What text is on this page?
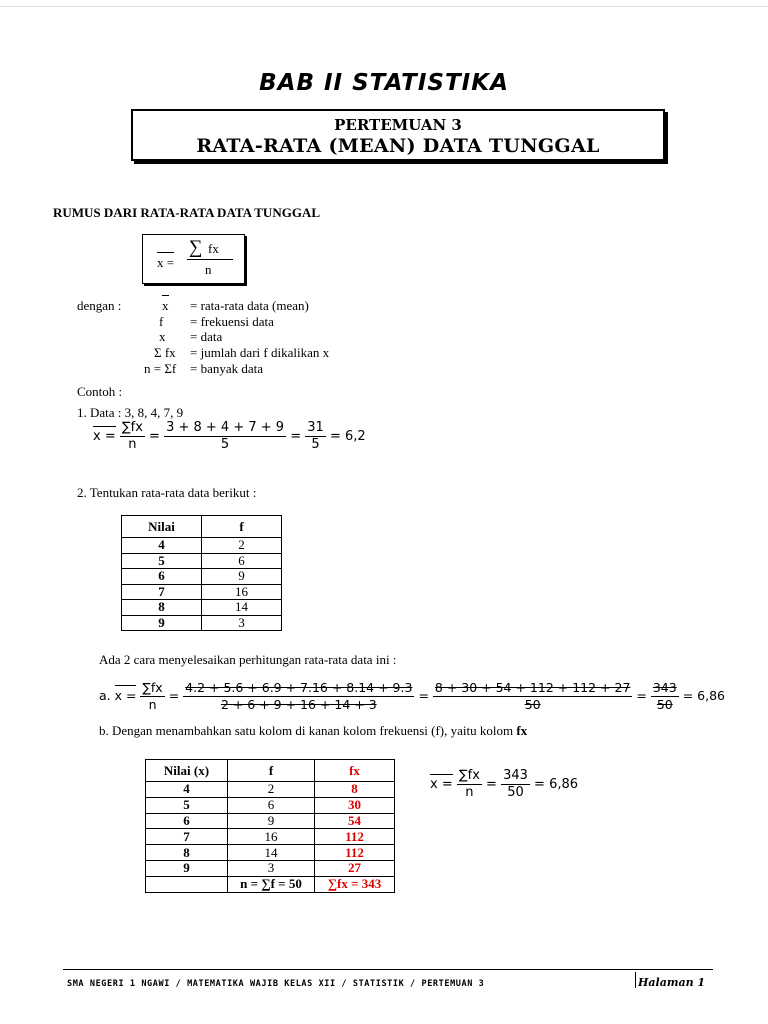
BAB II STATISTIKA
PERTEMUAN 3
RATA-RATA (MEAN) DATA TUNGGAL
RUMUS DARI RATA-RATA DATA TUNGGAL
x =
∑ fx
n
dengan :	x = rata-rata data (mean)
f = frekuensi data
x = data
Σ fx = jumlah dari f dikalikan x
n = Σf = banyak data
Contoh :
1. Data : 3, 8, 4, 7, 9
$x = \frac{\sum fx}{n} = \frac{3 + 8 + 4 + 7 + 9}{5} = \frac{31}{5} = 6,2$
2. Tentukan rata-rata data berikut :
Nilai	f
4	2
5	6
6	9
7	16
8	14
9	3
Ada 2 cara menyelesaikan perhitungan rata-rata data ini :
a. $x = \frac{\sum fx}{n} = \frac{4.2 + 5.6 + 6.9 + 7.16 + 8.14 + 9.3}{2 + 6 + 9 + 16 + 14 + 3} = \frac{8 + 30 + 54 + 112 + 112 + 27}{50} = \frac{343}{50} = 6,86$
b. Dengan menambahkan satu kolom di kanan kolom frekuensi (f), yaitu kolom fx
Nilai (x)	f	fx
4	2	8
5	6	30
6	9	54
7	16	112
8	14	112
9	3	27
	n = ∑f = 50	∑fx = 343
$x = \frac{\sum fx}{n} = \frac{343}{50} = 6,86$
SMA NEGERI 1 NGAWI / MATEMATIKA WAJIB KELAS XII / STATISTIK / PERTEMUAN 3	Halaman 1
